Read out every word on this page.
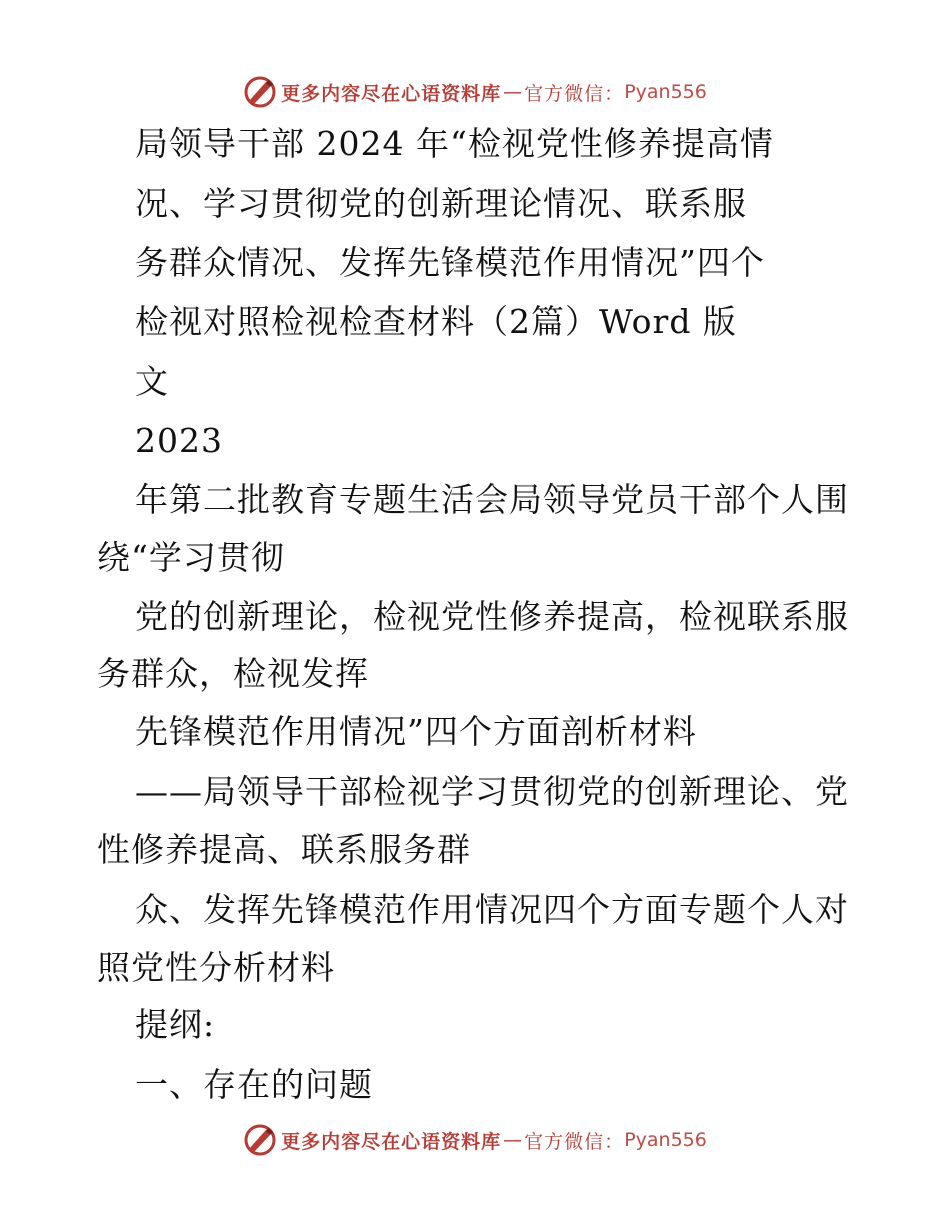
更多内容尽在心语资料库 — 官方微信： Pyan556
局领导干部 2024 年“检视党性修养提高情
况、学习贯彻党的创新理论情况、联系服
务群众情况、发挥先锋模范作用情况”四个
检视对照检视检查材料（2篇）Word 版
文
2023
年第二批教育专题生活会局领导党员干部个人围
绕“学习贯彻
党的创新理论，检视党性修养提高，检视联系服
务群众，检视发挥
先锋模范作用情况”四个方面剖析材料
——局领导干部检视学习贯彻党的创新理论、党
性修养提高、联系服务群
众、发挥先锋模范作用情况四个方面专题个人对
照党性分析材料
提纲:
一、存在的问题
更多内容尽在心语资料库 — 官方微信： Pyan556
